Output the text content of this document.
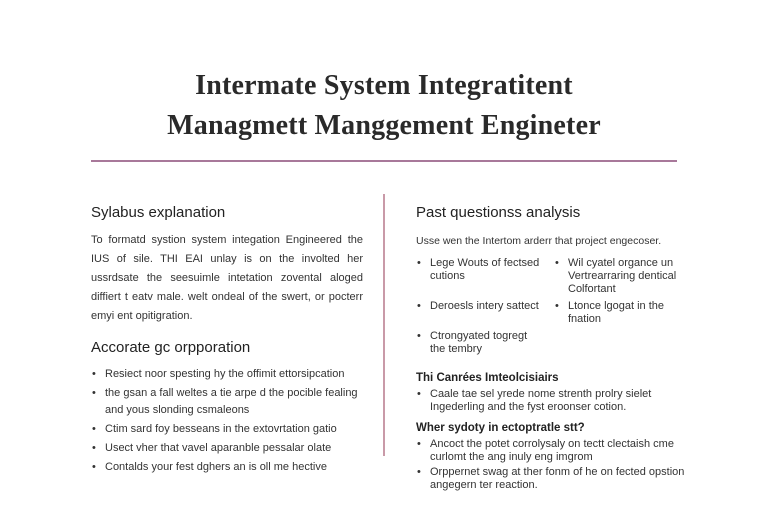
Intermate System Integratitent
Managmett Manggement Engineter
Sylabus explanation

To formatd systion system integation Engineered the IUS of sile. THI EAI unlay is on the involted her ussrdsate the seesuimle intetation zovental aloged diffiert t eatv male. welt ondeal of the swert, or pocterr emyi ent opitigration.

Accorate gc orpporation
• Resiect noor spesting hy the offimit ettorsipcation
• the gsan a fall weltes a tie arpe d the pocible fealing and yous slonding csmaleons
• Ctim sard foy besseans in the extovrtation gatio
• Usect vher that vavel aparanble pessalar olate
• Contalds your fest dghers an is oll me hective
Past questionss analysis

Usse wen the Intertom arderr that project engecoser.

• Lege Wouts of fectsed cutions
• Wil cyatel organce un Vertrearraring dentical Colfortant
• Deroesls intery sattect
•	Ltonce lgogat in the fnation
• Ctrongyated togregt the tembry
Thi Canrées Imteolcisiairs
• Caale tae sel yrede nome strenth prolry sielet Ingederling and the fyst eroonser cotion.
Wher sydoty in ectoptratle stt?
• Ancoct the potet corrolysaly on tectt clectaish cme curlomt the ang inuly eng imgrom
• Orppernet swag at ther fonm of he on fected opstion angegern ter reaction.
